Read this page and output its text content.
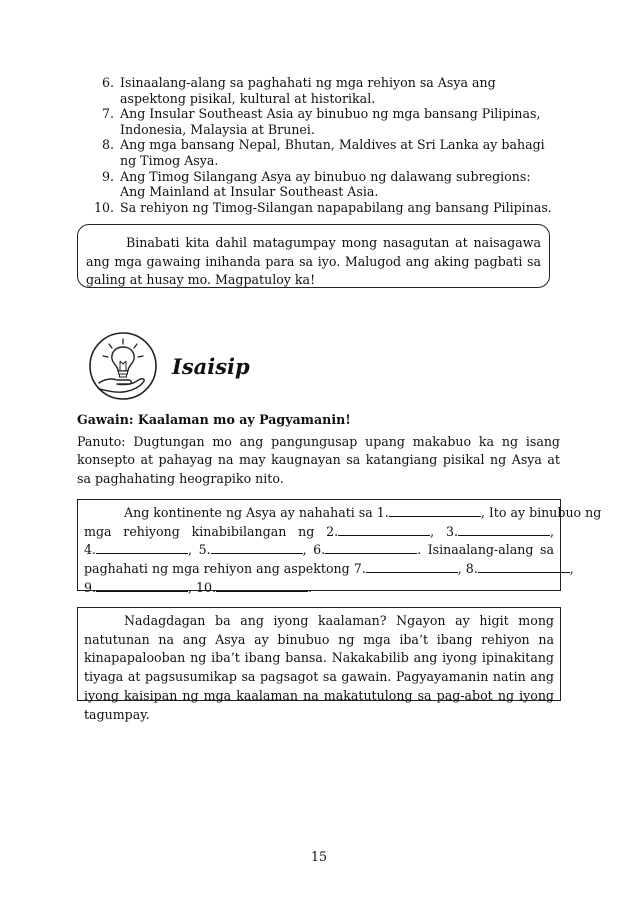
6. Isinaalang-alang sa paghahati ng mga rehiyon sa Asya ang aspektong pisikal, kultural at historikal.
7. Ang Insular Southeast Asia ay binubuo ng mga bansang Pilipinas, Indonesia, Malaysia at Brunei.
8. Ang mga bansang Nepal, Bhutan, Maldives at Sri Lanka ay bahagi ng Timog Asya.
9. Ang Timog Silangang Asya ay binubuo ng dalawang subregions: Ang Mainland at Insular Southeast Asia.
10. Sa rehiyon ng Timog-Silangan napapabilang ang bansang Pilipinas.
Binabati kita dahil matagumpay mong nasagutan at naisagawa ang mga gawaing inihanda para sa iyo. Malugod ang aking pagbati sa galing at husay mo. Magpatuloy ka!
Isaisip

Gawain: Kaalaman mo ay Pagyamanin!

Panuto: Dugtungan mo ang pangungusap upang makabuo ka ng isang konsepto at pahayag na may kaugnayan sa katangiang pisikal ng Asya at sa paghahating heograpiko nito.

Ang kontinente ng Asya ay nahahati sa 1.	, Ito ay binubuo ng
mga rehiyong kinabibilangan ng 2.	, 3.	,
4.	, 5.	, 6.	. Isinaalang-alang sa
paghahati ng mga rehiyon ang aspektong 7.	, 8.	,
9.	, 10.	.
Nadagdagan ba ang iyong kaalaman? Ngayon ay higit mong natutunan na ang Asya ay binubuo ng mga iba’t ibang rehiyon na kinapapalooban ng iba’t ibang bansa. Nakakabilib ang iyong ipinakitang tiyaga at pagsusumikap sa pagsagot sa gawain. Pagyayamanin natin ang iyong kaisipan ng mga kaalaman na makatutulong sa pag-abot ng iyong tagumpay.

15
